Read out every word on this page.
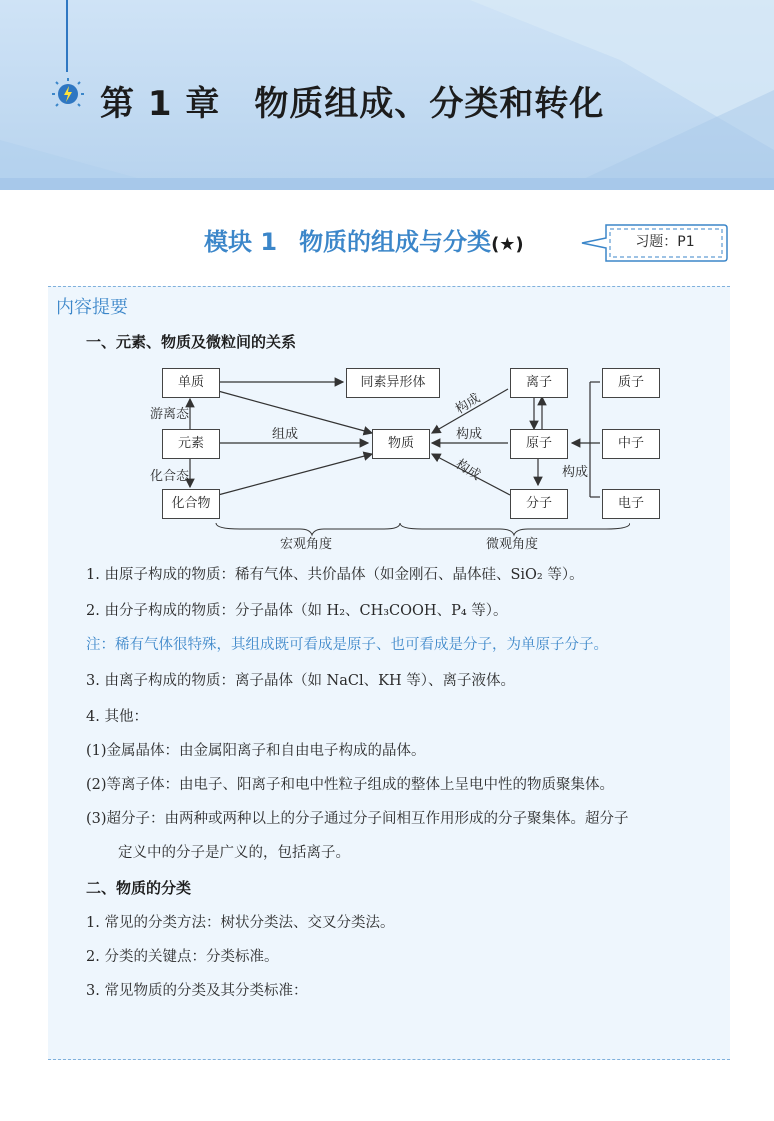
第 1 章 物质组成、分类和转化
模块 1 物质的组成与分类(★)	习题：P1
内容提要
一、元素、物质及微粒间的关系
单质	同素异形体
元素	物质
化合物
离子
原子
分子
质子
中子
电子
游离态
化合态
组成
构成
构成
构成	构成
宏观角度	微观角度
1. 由原子构成的物质：稀有气体、共价晶体（如金刚石、晶体硅、SiO₂ 等）。
2. 由分子构成的物质：分子晶体（如 H₂、CH₃COOH、P₄ 等）。
注：稀有气体很特殊，其组成既可看成是原子、也可看成是分子，为单原子分子。
3. 由离子构成的物质：离子晶体（如 NaCl、KH 等）、离子液体。
4. 其他：
(1)金属晶体：由金属阳离子和自由电子构成的晶体。
(2)等离子体：由电子、阳离子和电中性粒子组成的整体上呈电中性的物质聚集体。
(3)超分子：由两种或两种以上的分子通过分子间相互作用形成的分子聚集体。超分子
定义中的分子是广义的，包括离子。
二、物质的分类
1. 常见的分类方法：树状分类法、交叉分类法。
2. 分类的关键点：分类标准。
3. 常见物质的分类及其分类标准：
